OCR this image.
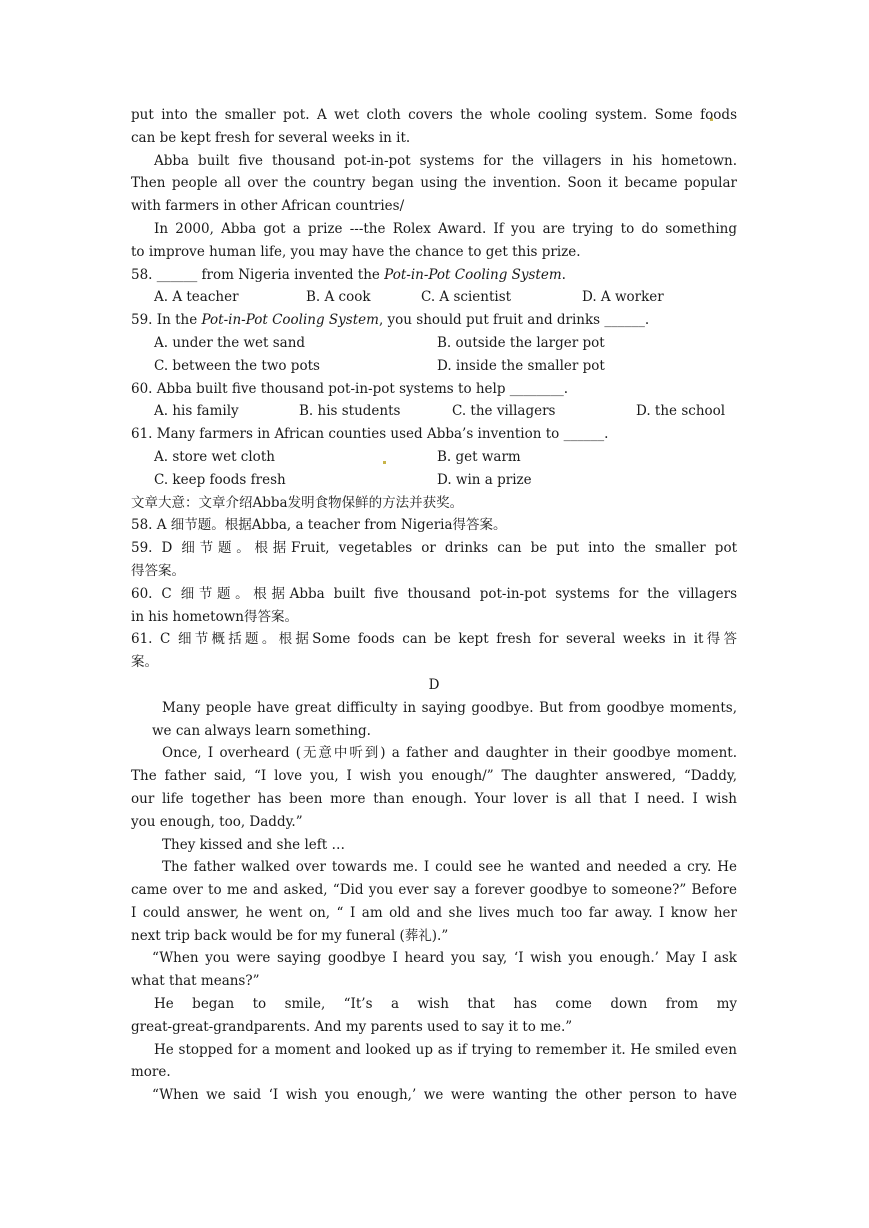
put into the smaller pot. A wet cloth covers the whole cooling system. Some foods
can be kept fresh for several weeks in it.
Abba built five thousand pot-in-pot systems for the villagers in his hometown.
Then people all over the country began using the invention. Soon it became popular
with farmers in other African countries/
In 2000, Abba got a prize ---the Rolex Award. If you are trying to do something
to improve human life, you may have the chance to get this prize.
58. ______ from Nigeria invented the Pot-in-Pot Cooling System.
A. A teacher	B. A cook	C. A scientist	D. A worker
59. In the Pot-in-Pot Cooling System, you should put fruit and drinks ______.
A. under the wet sand	B. outside the larger pot
C. between the two pots	D. inside the smaller pot
60. Abba built five thousand pot-in-pot systems to help ________.
A. his family	B. his students	C. the villagers	D. the school
61. Many farmers in African counties used Abba’s invention to ______.
A. store wet cloth	B. get warm
C. keep foods fresh	D. win a prize
文章大意：文章介绍Abba发明食物保鲜的方法并获奖。
58. A 细节题。根据Abba, a teacher from Nigeria得答案。
59. D 细节题。根据Fruit, vegetables or drinks can be put into the smaller pot
得答案。
60. C 细节题。根据Abba built five thousand pot-in-pot systems for the villagers
in his hometown得答案。
61. C 细节概括题。根据Some foods can be kept fresh for several weeks in it得答
案。
D
Many people have great difficulty in saying goodbye. But from goodbye moments,
we can always learn something.
Once, I overheard (无意中听到) a father and daughter in their goodbye moment.
The father said, “I love you, I wish you enough/” The daughter answered, “Daddy,
our life together has been more than enough. Your lover is all that I need. I wish
you enough, too, Daddy.”
They kissed and she left …
The father walked over towards me. I could see he wanted and needed a cry. He
came over to me and asked, “Did you ever say a forever goodbye to someone?” Before
I could answer, he went on, “ I am old and she lives much too far away. I know her
next trip back would be for my funeral (葬礼).”
“When you were saying goodbye I heard you say, ‘I wish you enough.’ May I ask
what that means?”
He began to smile, “It’s a wish that has come down from my
great-great-grandparents. And my parents used to say it to me.”
He stopped for a moment and looked up as if trying to remember it. He smiled even
more.
“When we said ‘I wish you enough,’ we were wanting the other person to have
